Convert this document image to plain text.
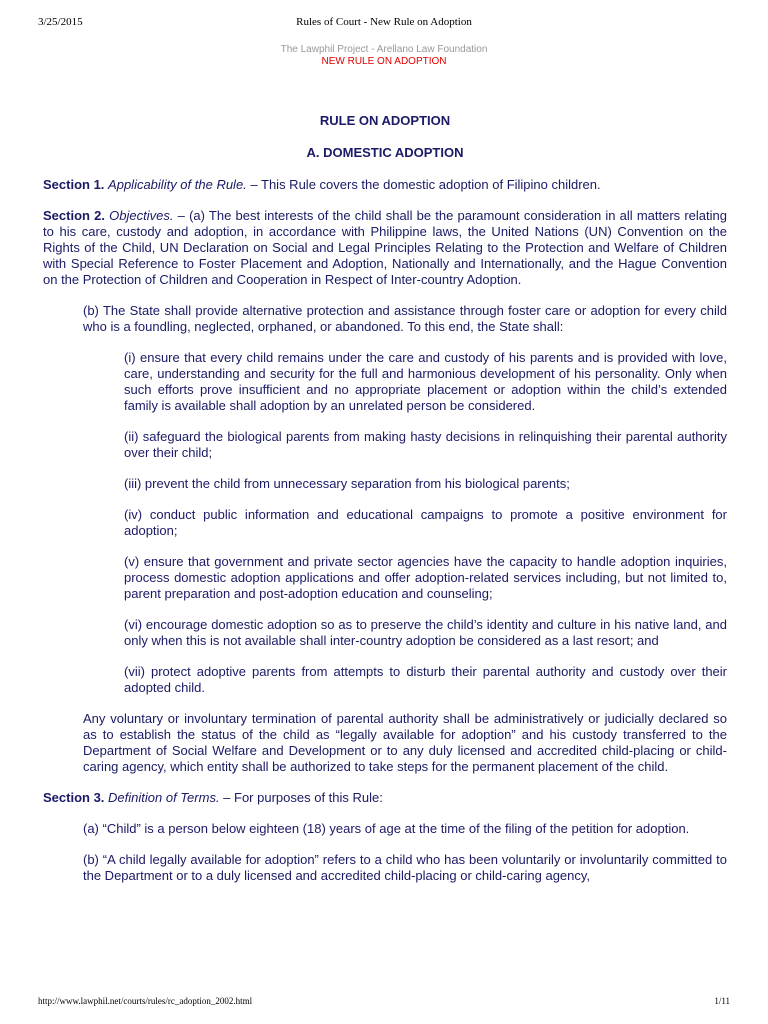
3/25/2015	Rules of Court - New Rule on Adoption
The Lawphil Project - Arellano Law Foundation
NEW RULE ON ADOPTION
RULE ON ADOPTION
A. DOMESTIC ADOPTION

Section 1. Applicability of the Rule. – This Rule covers the domestic adoption of Filipino children.

Section 2. Objectives. – (a) The best interests of the child shall be the paramount consideration in all matters relating to his care, custody and adoption, in accordance with Philippine laws, the United Nations (UN) Convention on the Rights of the Child, UN Declaration on Social and Legal Principles Relating to the Protection and Welfare of Children with Special Reference to Foster Placement and Adoption, Nationally and Internationally, and the Hague Convention on the Protection of Children and Cooperation in Respect of Inter-country Adoption.

(b) The State shall provide alternative protection and assistance through foster care or adoption for every child who is a foundling, neglected, orphaned, or abandoned. To this end, the State shall:

(i) ensure that every child remains under the care and custody of his parents and is provided with love, care, understanding and security for the full and harmonious development of his personality. Only when such efforts prove insufficient and no appropriate placement or adoption within the child’s extended family is available shall adoption by an unrelated person be considered.

(ii) safeguard the biological parents from making hasty decisions in relinquishing their parental authority over their child;

(iii) prevent the child from unnecessary separation from his biological parents;

(iv) conduct public information and educational campaigns to promote a positive environment for adoption;

(v) ensure that government and private sector agencies have the capacity to handle adoption inquiries, process domestic adoption applications and offer adoption-related services including, but not limited to, parent preparation and post-adoption education and counseling;

(vi) encourage domestic adoption so as to preserve the child’s identity and culture in his native land, and only when this is not available shall inter-country adoption be considered as a last resort; and

(vii) protect adoptive parents from attempts to disturb their parental authority and custody over their adopted child.

Any voluntary or involuntary termination of parental authority shall be administratively or judicially declared so as to establish the status of the child as “legally available for adoption” and his custody transferred to the Department of Social Welfare and Development or to any duly licensed and accredited child-placing or child-caring agency, which entity shall be authorized to take steps for the permanent placement of the child.

Section 3. Definition of Terms. – For purposes of this Rule:

(a) “Child” is a person below eighteen (18) years of age at the time of the filing of the petition for adoption.

(b) “A child legally available for adoption” refers to a child who has been voluntarily or involuntarily committed to the Department or to a duly licensed and accredited child-placing or child-caring agency,

http://www.lawphil.net/courts/rules/rc_adoption_2002.html	1/11
